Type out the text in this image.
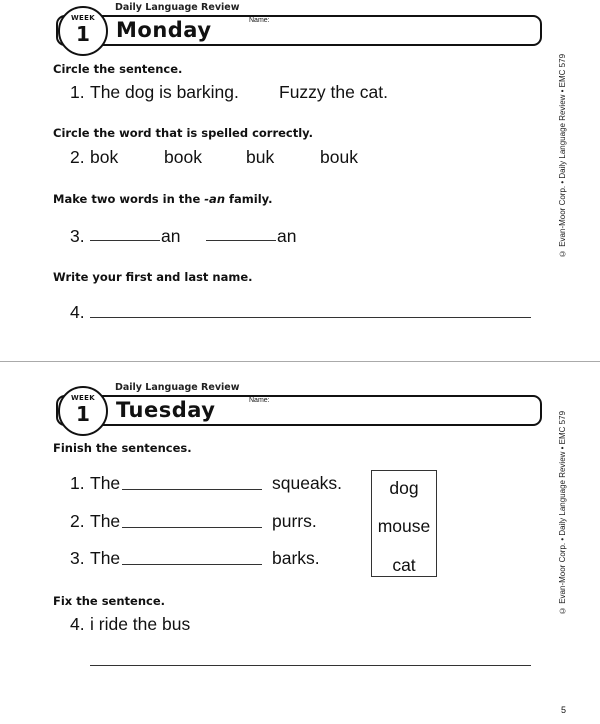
Daily Language Review
WEEK
1	Monday	Name:
Circle the sentence.
1. The dog is barking. Fuzzy the cat.
Circle the word that is spelled correctly.
2. bok	book	buk	bouk
Make two words in the -an family.
3.	an	an
Write your first and last name.
4.
© Evan-Moor Corp. • Daily Language Review • EMC 579
Daily Language Review
WEEK
1	Tuesday	Name:
Finish the sentences.
1. The	squeaks.
2. The	purrs.
3. The	barks.
dog
mouse
cat
Fix the sentence.
4. i ride the bus
© Evan-Moor Corp. • Daily Language Review • EMC 579
5
